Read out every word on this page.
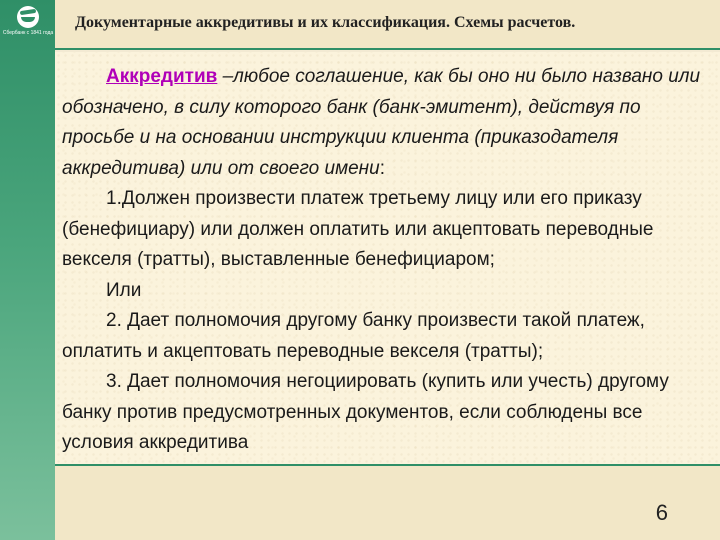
Сбербанк с 1841 года
Документарные аккредитивы и их классификация. Схемы расчетов.

Аккредитив –любое соглашение, как бы оно ни было названо или обозначено, в силу которого банк (банк-эмитент), действуя по просьбе и на основании инструкции клиента (приказодателя аккредитива) или от своего имени:

1.Должен произвести платеж третьему лицу или его приказу (бенефициару) или должен оплатить или акцептовать переводные векселя (тратты), выставленные бенефициаром;

Или

2. Дает полномочия другому банку произвести такой платеж, оплатить и акцептовать переводные векселя (тратты);

3. Дает полномочия негоциировать (купить или учесть) другому банку против предусмотренных документов, если соблюдены все условия аккредитива

6
